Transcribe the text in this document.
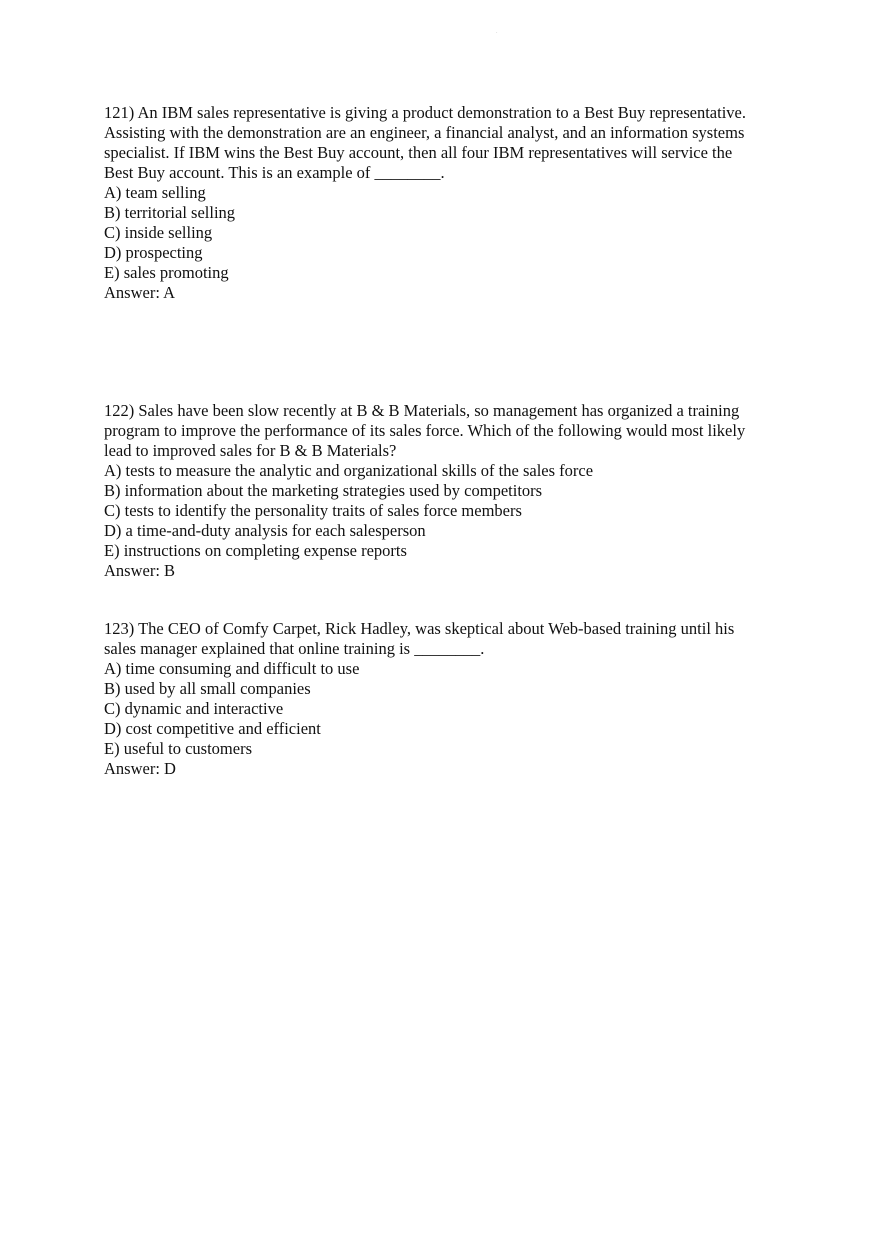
.
121) An IBM sales representative is giving a product demonstration to a Best Buy representative.
Assisting with the demonstration are an engineer, a financial analyst, and an information systems
specialist. If IBM wins the Best Buy account, then all four IBM representatives will service the
Best Buy account. This is an example of ________.
A) team selling
B) territorial selling
C) inside selling
D) prospecting
E) sales promoting
Answer: A
122) Sales have been slow recently at B & B Materials, so management has organized a training
program to improve the performance of its sales force. Which of the following would most likely
lead to improved sales for B & B Materials?
A) tests to measure the analytic and organizational skills of the sales force
B) information about the marketing strategies used by competitors
C) tests to identify the personality traits of sales force members
D) a time-and-duty analysis for each salesperson
E) instructions on completing expense reports
Answer: B
123) The CEO of Comfy Carpet, Rick Hadley, was skeptical about Web-based training until his
sales manager explained that online training is ________.
A) time consuming and difficult to use
B) used by all small companies
C) dynamic and interactive
D) cost competitive and efficient
E) useful to customers
Answer: D
